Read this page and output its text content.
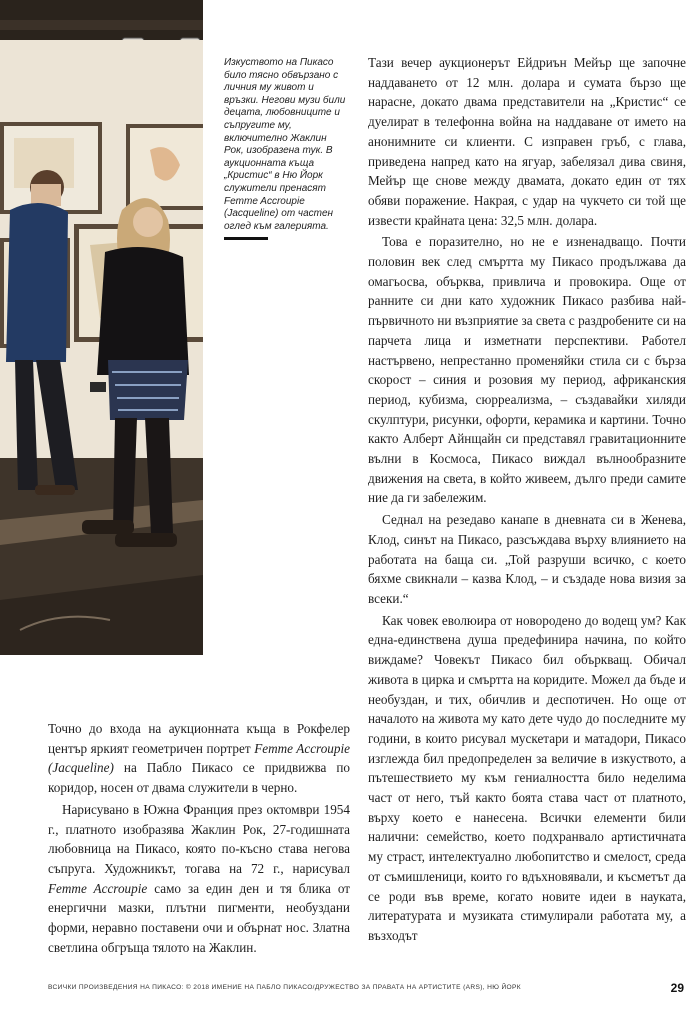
Изкуството на Пикасо било тясно обвързано с личния му живот и връзки. Негови музи били децата, любовниците и съпругите му, включително Жаклин Рок, изобразена тук. В аукционната къща „Кристис“ в Ню Йорк служители пренасят Femme Accroupie (Jacqueline) от частен оглед към галерията.

Тази вечер аукционерът Ейдриън Мейър ще започне наддаването от 12 млн. долара и сумата бързо ще нарасне, докато двама представители на „Кристис“ се дуелират в телефонна война на наддаване от името на анонимните си клиенти. С изправен гръб, с глава, приведена напред като на ягуар, забелязал дива свиня, Мейър ще снове между двамата, докато един от тях обяви поражение. Накрая, с удар на чукчето си той ще извести крайната цена: 32,5 млн. долара.

Това е поразително, но не е изненадващо. Почти половин век след смъртта му Пикасо продължава да омагьосва, обърква, привлича и провокира. Още от ранните си дни като художник Пикасо разбива най-първичното ни възприятие за света с раздробените си на парчета лица и изметнати перспективи. Работел настървено, непрестанно променяйки стила си с бърза скорост – синия и розовия му период, африканския период, кубизма, сюрреализма, – създавайки хиляди скулптури, рисунки, офорти, керамика и картини. Точно както Алберт Айнщайн си представял гравитационните вълни в Космоса, Пикасо виждал вълнообразните движения на света, в който живеем, дълго преди самите ние да ги забележим.

Седнал на резедаво канапе в дневната си в Женева, Клод, синът на Пикасо, разсъждава върху влиянието на работата на баща си. „Той разруши всичко, с което бяхме свикнали – казва Клод, – и създаде нова визия за всеки.“

Как човек еволюира от новороденo до водещ ум? Как една-единствена душа предефинира начина, по който виждаме? Човекът Пикасо бил объркващ. Обичал живота в цирка и смъртта на коридите. Можел да бъде и необуздан, и тих, обичлив и деспотичен. Но още от началото на живота му като дете чудо до последните му години, в които рисувал мускетари и матадори, Пикасо изглежда бил предопределен за величие в изкуството, а пътешествието му към гениалността било неделима част от него, тъй както боята става част от платното, върху което е нанесена. Всички елементи били налични: семейство, което подхранвало артистичната му страст, интелектуално любопитство и смелост, среда от съмишленици, които го вдъхновявали, и късметът да се роди във време, когато новите идеи в науката, литературата и музиката стимулирали работата му, а възходът

Точно до входа на аукционната къща в Рокфелер център яркият геометричен портрет Femme Accroupie (Jacqueline) на Пабло Пикасо се придвижва по коридор, носен от двама служители в черно.

Нарисувано в Южна Франция през октомври 1954 г., платното изобразява Жаклин Рок, 27-годишната любовница на Пикасо, която по-късно става негова съпруга. Художникът, тогава на 72 г., нарисувал Femme Accroupie само за един ден и тя блика от енергични мазки, плътни пигменти, необуздани форми, неравно поставени очи и обърнат нос. Златна светлина обгръща тялото на Жаклин.

ВСИЧКИ ПРОИЗВЕДЕНИЯ НА ПИКАСО: © 2018 ИМЕНИЕ НА ПАБЛО ПИКАСО/ДРУЖЕСТВО ЗА ПРАВАТА НА АРТИСТИТЕ (ARS), НЮ ЙОРК	29
